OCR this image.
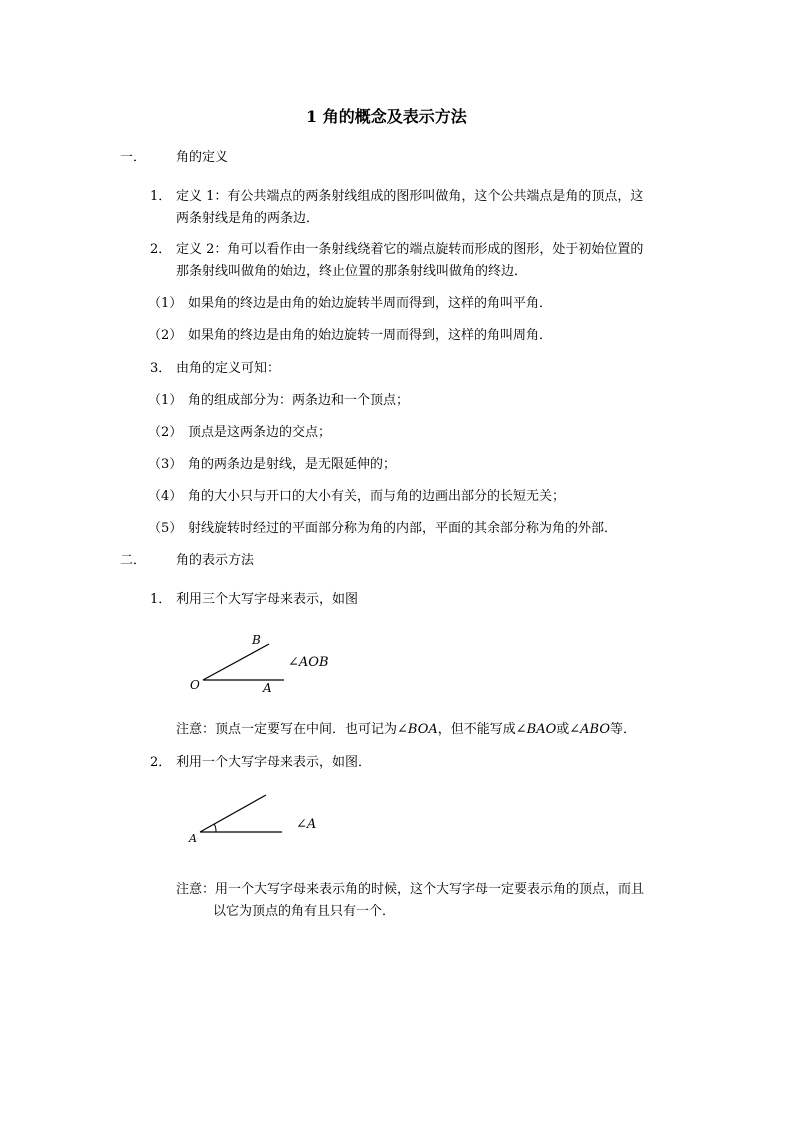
1 角的概念及表示方法
一． 角的定义
1． 定义 1：有公共端点的两条射线组成的图形叫做角，这个公共端点是角的顶点，这
两条射线是角的两条边．
2． 定义 2：角可以看作由一条射线绕着它的端点旋转而形成的图形，处于初始位置的
那条射线叫做角的始边，终止位置的那条射线叫做角的终边．
（1） 如果角的终边是由角的始边旋转半周而得到，这样的角叫平角．
（2） 如果角的终边是由角的始边旋转一周而得到，这样的角叫周角．
3． 由角的定义可知：
（1） 角的组成部分为：两条边和一个顶点；
（2） 顶点是这两条边的交点；
（3） 角的两条边是射线，是无限延伸的；
（4） 角的大小只与开口的大小有关，而与角的边画出部分的长短无关；
（5） 射线旋转时经过的平面部分称为角的内部，平面的其余部分称为角的外部．
二． 角的表示方法
1． 利用三个大写字母来表示，如图
B
O	A
∠AOB
注意：顶点一定要写在中间．也可记为∠BOA，但不能写成∠BAO或∠ABO等．
2． 利用一个大写字母来表示，如图．
A
∠A
注意：用一个大写字母来表示角的时候，这个大写字母一定要表示角的顶点，而且
以它为顶点的角有且只有一个．
